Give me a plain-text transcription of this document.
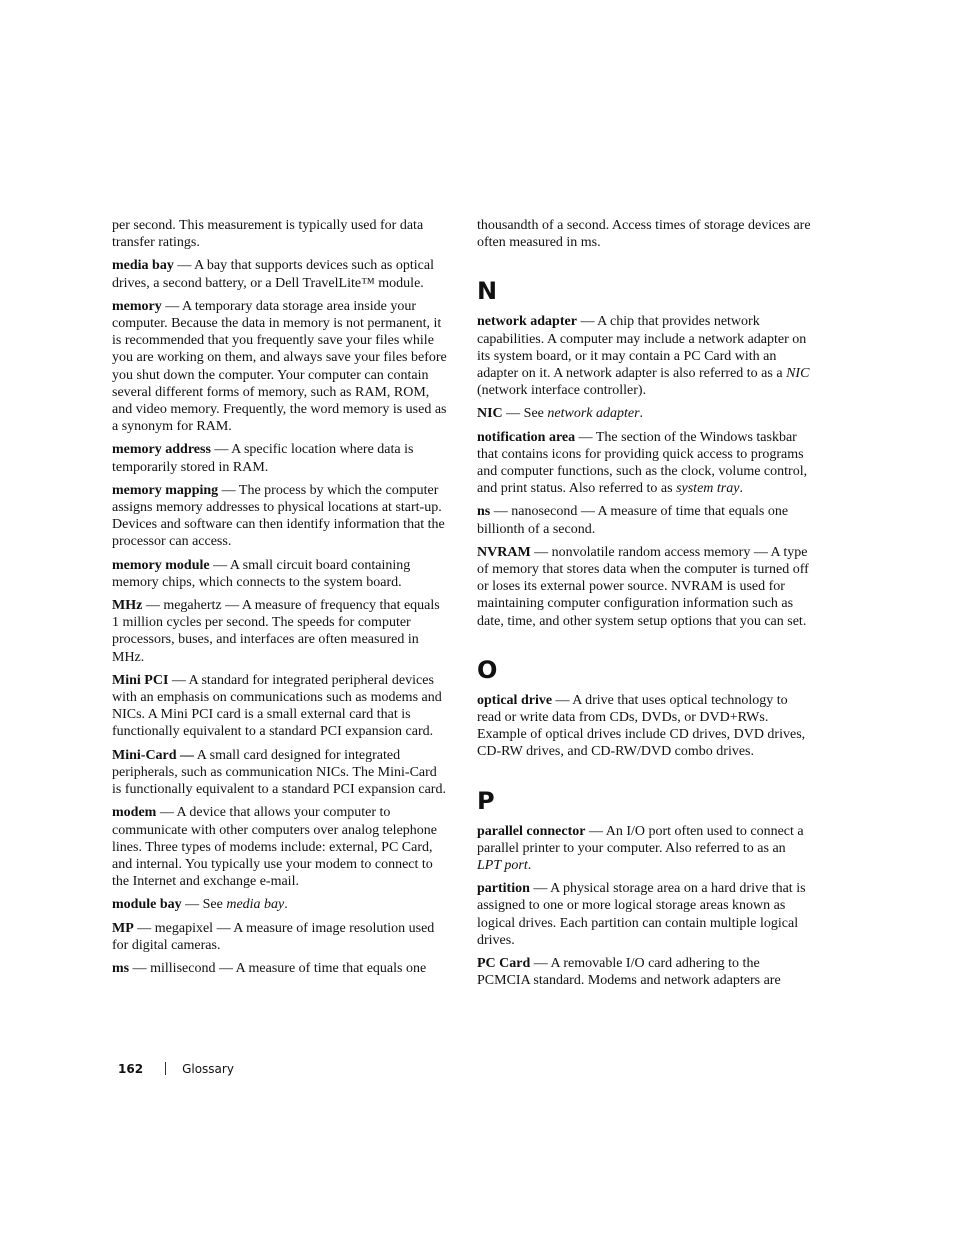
per second. This measurement is typically used for data transfer ratings.

media bay — A bay that supports devices such as optical drives, a second battery, or a Dell TravelLite™ module.

memory — A temporary data storage area inside your computer. Because the data in memory is not permanent, it is recommended that you frequently save your files while you are working on them, and always save your files before you shut down the computer. Your computer can contain several different forms of memory, such as RAM, ROM, and video memory. Frequently, the word memory is used as a synonym for RAM.

memory address — A specific location where data is temporarily stored in RAM.

memory mapping — The process by which the computer assigns memory addresses to physical locations at start-up. Devices and software can then identify information that the processor can access.

memory module — A small circuit board containing memory chips, which connects to the system board.

MHz — megahertz — A measure of frequency that equals 1 million cycles per second. The speeds for computer processors, buses, and interfaces are often measured in MHz.

Mini PCI — A standard for integrated peripheral devices with an emphasis on communications such as modems and NICs. A Mini PCI card is a small external card that is functionally equivalent to a standard PCI expansion card.

Mini-Card — A small card designed for integrated peripherals, such as communication NICs. The Mini-Card is functionally equivalent to a standard PCI expansion card.

modem — A device that allows your computer to communicate with other computers over analog telephone lines. Three types of modems include: external, PC Card, and internal. You typically use your modem to connect to the Internet and exchange e-mail.

module bay — See media bay.

MP — megapixel — A measure of image resolution used for digital cameras.

ms — millisecond — A measure of time that equals one

thousandth of a second. Access times of storage devices are often measured in ms.

N

network adapter — A chip that provides network capabilities. A computer may include a network adapter on its system board, or it may contain a PC Card with an adapter on it. A network adapter is also referred to as a NIC (network interface controller).

NIC — See network adapter.

notification area — The section of the Windows taskbar that contains icons for providing quick access to programs and computer functions, such as the clock, volume control, and print status. Also referred to as system tray.

ns — nanosecond — A measure of time that equals one billionth of a second.

NVRAM — nonvolatile random access memory — A type of memory that stores data when the computer is turned off or loses its external power source. NVRAM is used for maintaining computer configuration information such as date, time, and other system setup options that you can set.

O

optical drive — A drive that uses optical technology to read or write data from CDs, DVDs, or DVD+RWs. Example of optical drives include CD drives, DVD drives, CD-RW drives, and CD-RW/DVD combo drives.

P

parallel connector — An I/O port often used to connect a parallel printer to your computer. Also referred to as an LPT port.

partition — A physical storage area on a hard drive that is assigned to one or more logical storage areas known as logical drives. Each partition can contain multiple logical drives.

PC Card — A removable I/O card adhering to the PCMCIA standard. Modems and network adapters are

162	Glossary
